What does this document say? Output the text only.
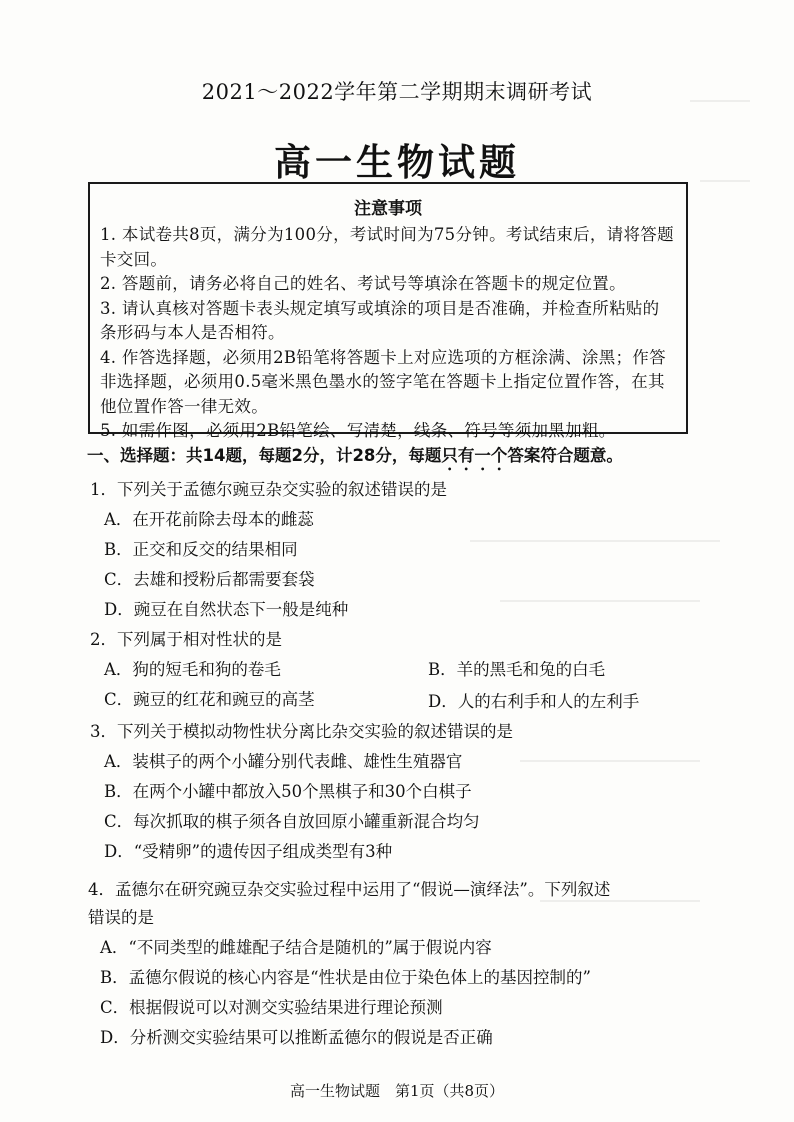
2021～2022学年第二学期期末调研考试
高一生物试题
注意事项
1. 本试卷共8页，满分为100分，考试时间为75分钟。考试结束后，请将答题卡交回。
2. 答题前，请务必将自己的姓名、考试号等填涂在答题卡的规定位置。
3. 请认真核对答题卡表头规定填写或填涂的项目是否准确，并检查所粘贴的条形码与本人是否相符。
4. 作答选择题，必须用2B铅笔将答题卡上对应选项的方框涂满、涂黑；作答非选择题，必须用0.5毫米黑色墨水的签字笔在答题卡上指定位置作答，在其他位置作答一律无效。
5. 如需作图，必须用2B铅笔绘、写清楚，线条、符号等须加黑加粗。
一、选择题：共14题，每题2分，计28分，每题只有一个答案符合题意。
1．下列关于孟德尔豌豆杂交实验的叙述错误的是
A．在开花前除去母本的雌蕊
B．正交和反交的结果相同
C．去雄和授粉后都需要套袋
D．豌豆在自然状态下一般是纯种
2．下列属于相对性状的是
A．狗的短毛和狗的卷毛	B．羊的黑毛和兔的白毛
C．豌豆的红花和豌豆的高茎	D．人的右利手和人的左利手
3．下列关于模拟动物性状分离比杂交实验的叙述错误的是
A．装棋子的两个小罐分别代表雌、雄性生殖器官
B．在两个小罐中都放入50个黑棋子和30个白棋子
C．每次抓取的棋子须各自放回原小罐重新混合均匀
D．“受精卵”的遗传因子组成类型有3种
4．孟德尔在研究豌豆杂交实验过程中运用了“假说—演绎法”。下列叙述
错误的是
A．“不同类型的雌雄配子结合是随机的”属于假说内容
B．孟德尔假说的核心内容是“性状是由位于染色体上的基因控制的”
C．根据假说可以对测交实验结果进行理论预测
D．分析测交实验结果可以推断孟德尔的假说是否正确
高一生物试题　第1页（共8页）
